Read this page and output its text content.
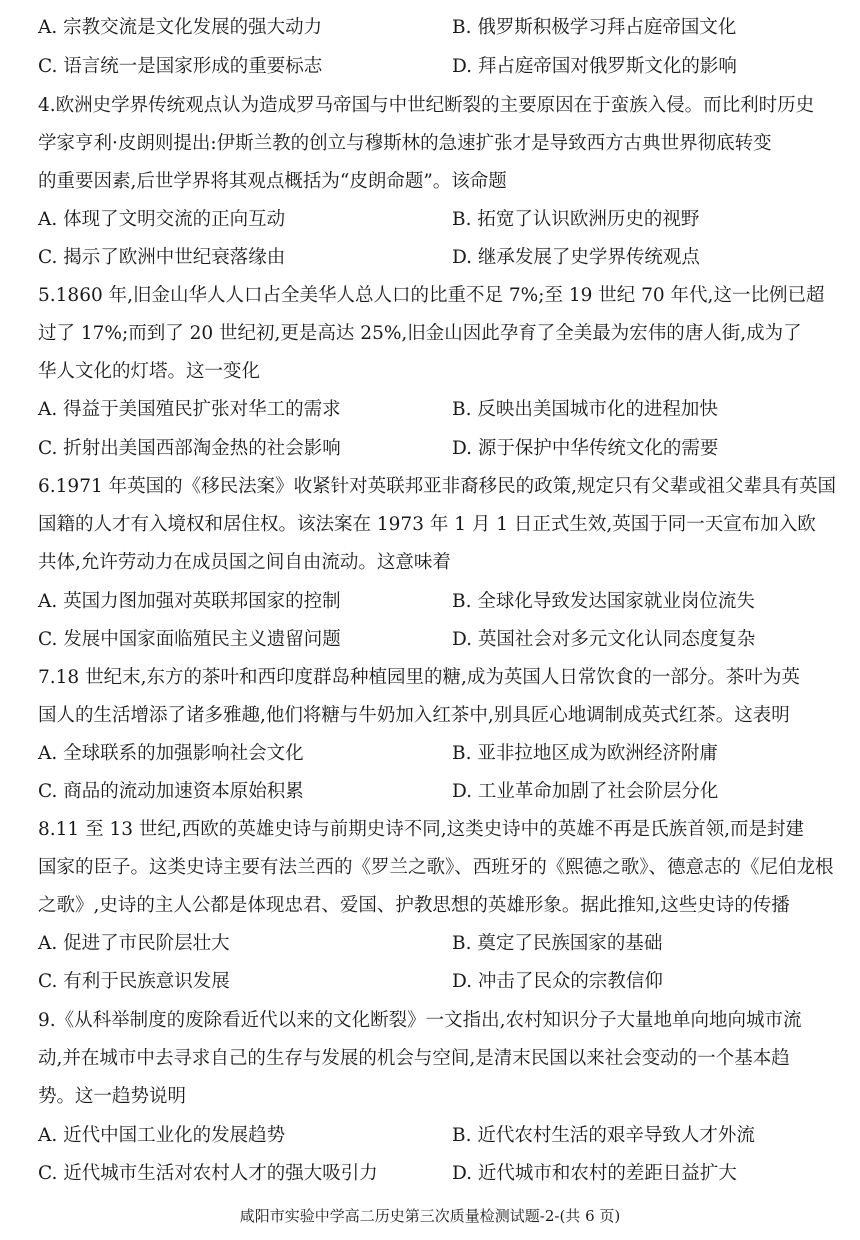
A. 宗教交流是文化发展的强大动力	B. 俄罗斯积极学习拜占庭帝国文化
C. 语言统一是国家形成的重要标志	D. 拜占庭帝国对俄罗斯文化的影响
4.欧洲史学界传统观点认为造成罗马帝国与中世纪断裂的主要原因在于蛮族入侵。而比利时历史
学家亨利·皮朗则提出:伊斯兰教的创立与穆斯林的急速扩张才是导致西方古典世界彻底转变
的重要因素,后世学界将其观点概括为“皮朗命题”。该命题
A. 体现了文明交流的正向互动	B. 拓宽了认识欧洲历史的视野
C. 揭示了欧洲中世纪衰落缘由	D. 继承发展了史学界传统观点
5.1860 年,旧金山华人人口占全美华人总人口的比重不足 7%;至 19 世纪 70 年代,这一比例已超
过了 17%;而到了 20 世纪初,更是高达 25%,旧金山因此孕育了全美最为宏伟的唐人街,成为了
华人文化的灯塔。这一变化
A. 得益于美国殖民扩张对华工的需求	B. 反映出美国城市化的进程加快
C. 折射出美国西部淘金热的社会影响	D. 源于保护中华传统文化的需要
6.1971 年英国的《移民法案》收紧针对英联邦亚非裔移民的政策,规定只有父辈或祖父辈具有英国
国籍的人才有入境权和居住权。该法案在 1973 年 1 月 1 日正式生效,英国于同一天宣布加入欧
共体,允许劳动力在成员国之间自由流动。这意味着
A. 英国力图加强对英联邦国家的控制	B. 全球化导致发达国家就业岗位流失
C. 发展中国家面临殖民主义遗留问题	D. 英国社会对多元文化认同态度复杂
7.18 世纪末,东方的茶叶和西印度群岛种植园里的糖,成为英国人日常饮食的一部分。茶叶为英
国人的生活增添了诸多雅趣,他们将糖与牛奶加入红茶中,别具匠心地调制成英式红茶。这表明
A. 全球联系的加强影响社会文化	B. 亚非拉地区成为欧洲经济附庸
C. 商品的流动加速资本原始积累	D. 工业革命加剧了社会阶层分化
8.11 至 13 世纪,西欧的英雄史诗与前期史诗不同,这类史诗中的英雄不再是氏族首领,而是封建
国家的臣子。这类史诗主要有法兰西的《罗兰之歌》、西班牙的《熙德之歌》、德意志的《尼伯龙根
之歌》,史诗的主人公都是体现忠君、爱国、护教思想的英雄形象。据此推知,这些史诗的传播
A. 促进了市民阶层壮大	B. 奠定了民族国家的基础
C. 有利于民族意识发展	D. 冲击了民众的宗教信仰
9.《从科举制度的废除看近代以来的文化断裂》一文指出,农村知识分子大量地单向地向城市流
动,并在城市中去寻求自己的生存与发展的机会与空间,是清末民国以来社会变动的一个基本趋
势。这一趋势说明
A. 近代中国工业化的发展趋势	B. 近代农村生活的艰辛导致人才外流
C. 近代城市生活对农村人才的强大吸引力	D. 近代城市和农村的差距日益扩大
咸阳市实验中学高二历史第三次质量检测试题-2-(共 6 页)
